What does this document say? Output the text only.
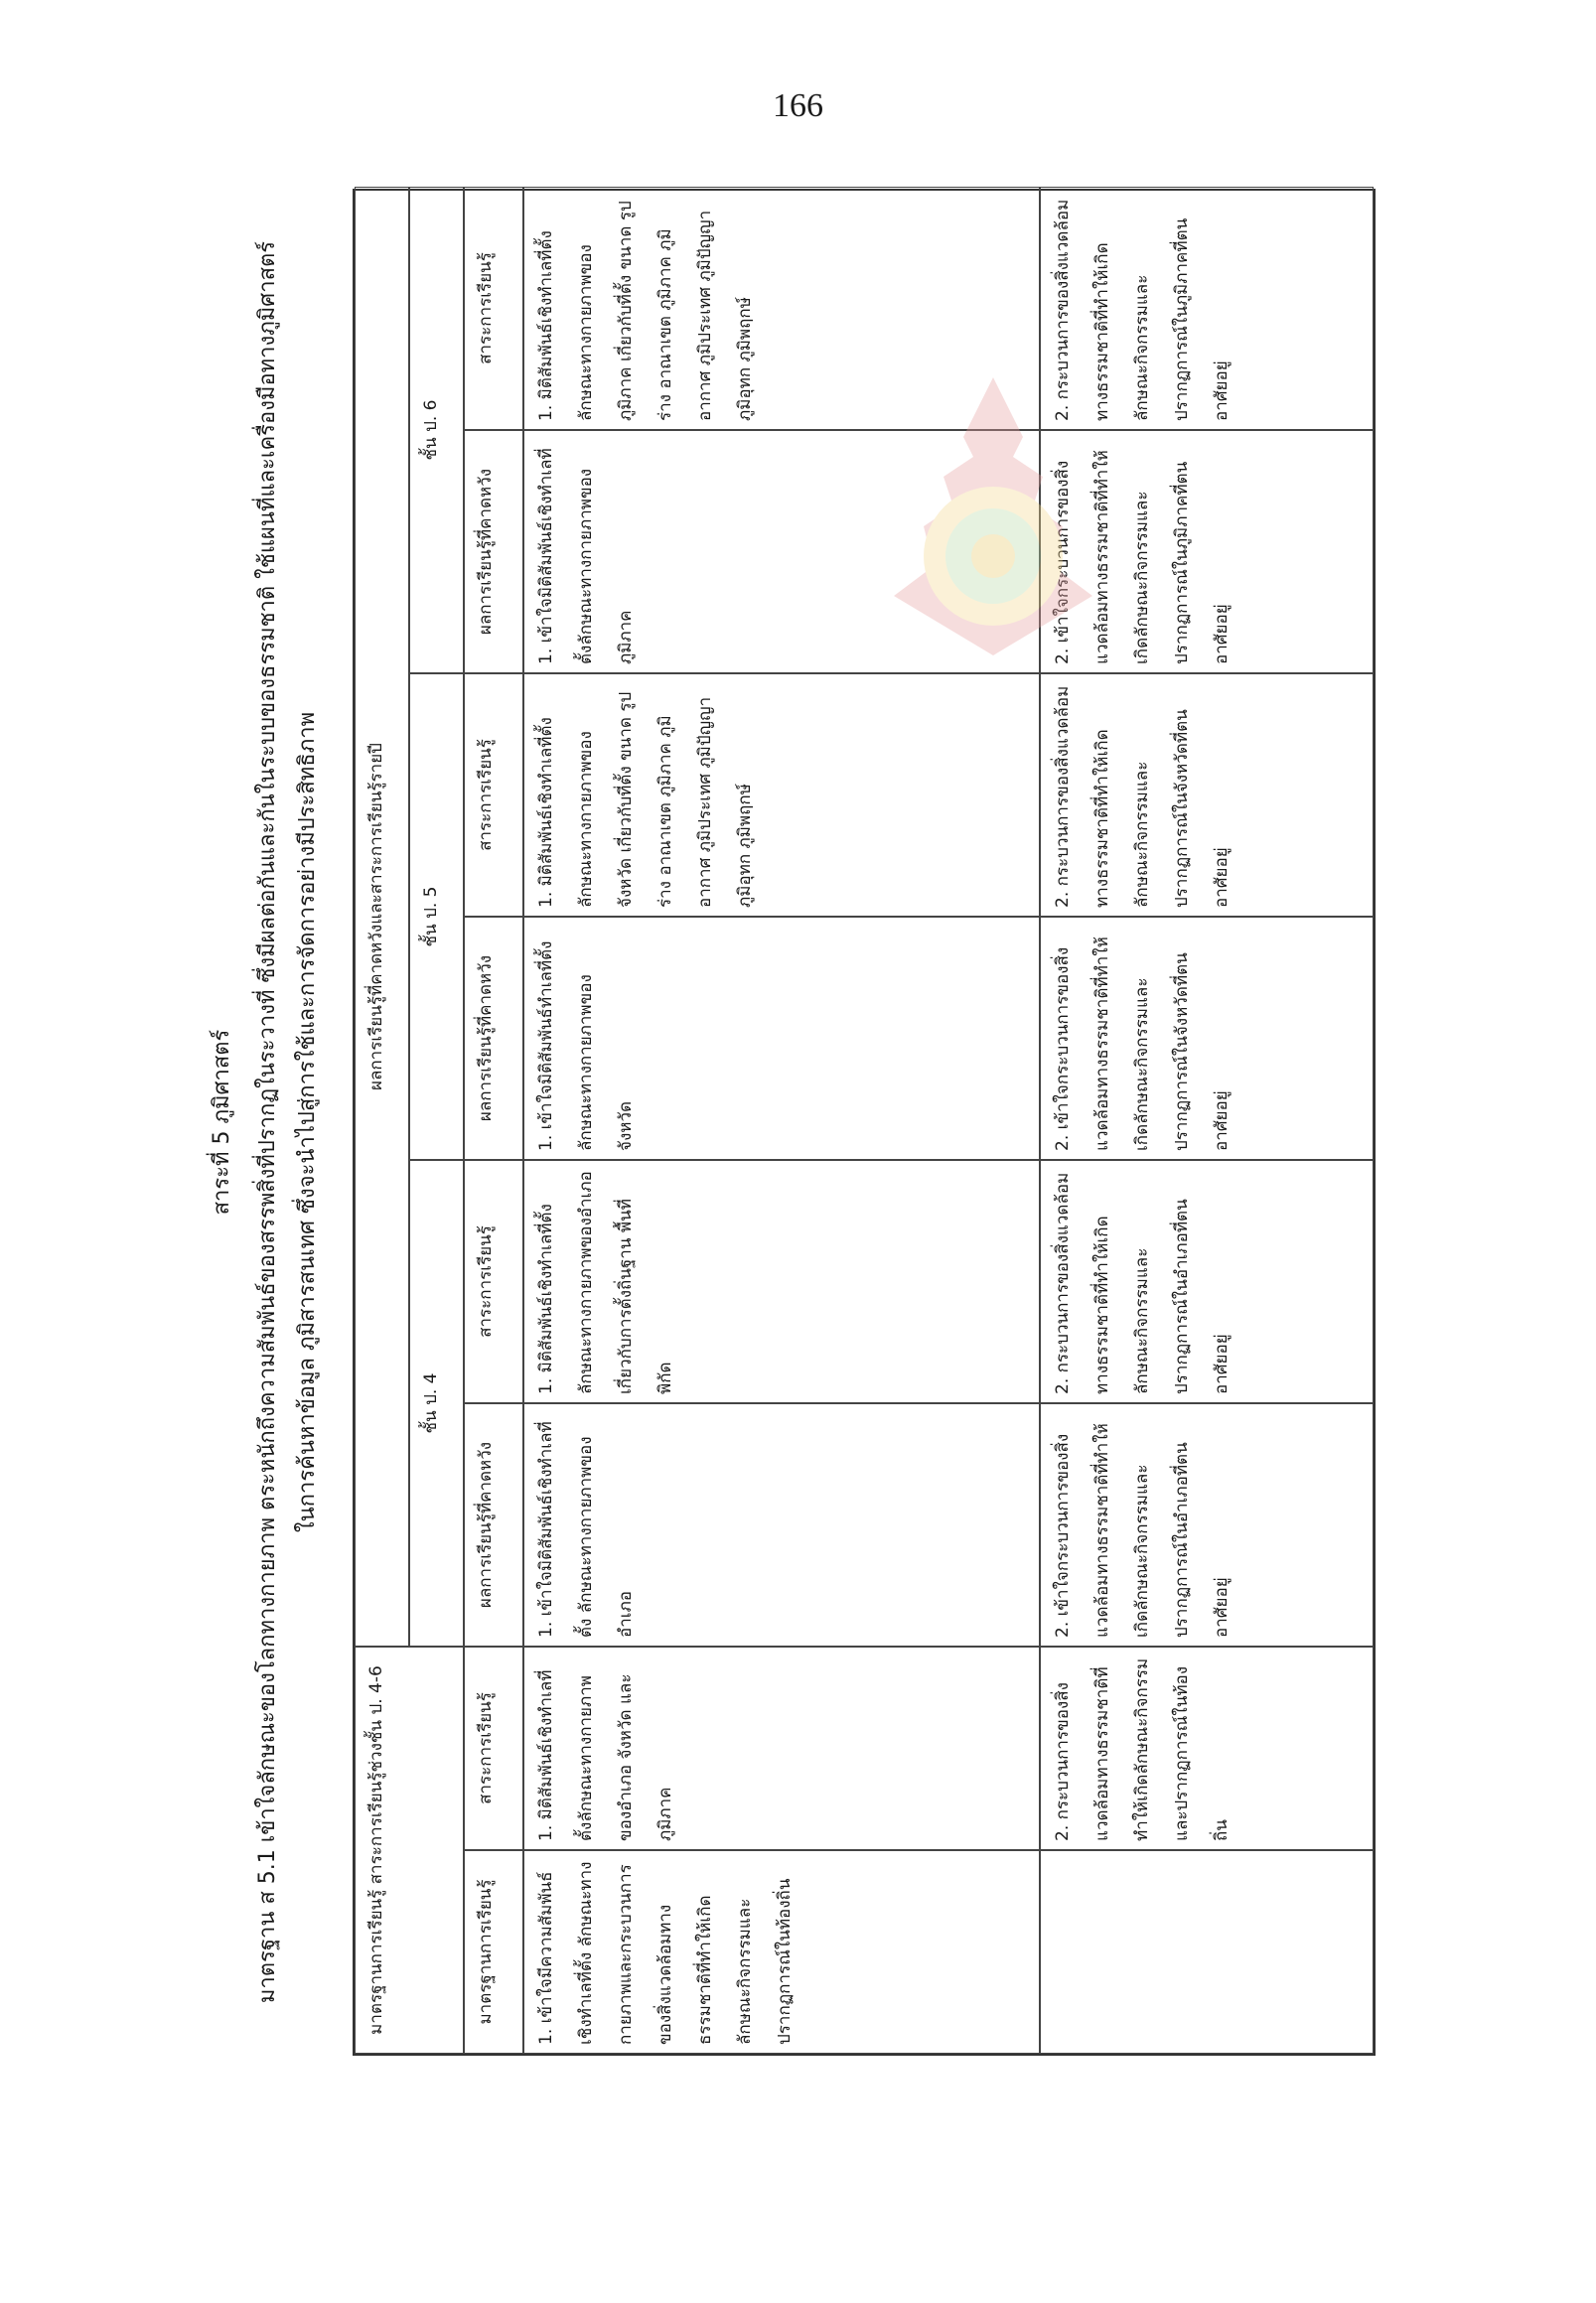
166
สาระที่ 5 ภูมิศาสตร์ มาตรฐาน ส 5.1 เข้าใจลักษณะของโลกทางกายภาพ ตระหนักถึงความสัมพันธ์ของสรรพสิ่งที่ปรากฏในระวางที่ ซึ่งมีผลต่อกันและกันในระบบของธรรมชาติ ใช้แผนที่และเครื่องมือทางภูมิศาสตร์ ในการค้นหาข้อมูล ภูมิสารสนเทศ ซึ่งจะนำไปสู่การใช้และการจัดการอย่างมีประสิทธิภาพ
มาตรฐานการเรียนรู้ สาระการเรียนรู้ช่วงชั้น ป. 4-6
ผลการเรียนรู้ที่คาดหวังและสาระการเรียนรู้รายปี
ชั้น ป. 4
ชั้น ป. 5
ชั้น ป. 6
มาตรฐานการเรียนรู้
สาระการเรียนรู้
ผลการเรียนรู้ที่คาดหวัง
สาระการเรียนรู้
ผลการเรียนรู้ที่คาดหวัง
สาระการเรียนรู้
ผลการเรียนรู้ที่คาดหวัง
สาระการเรียนรู้
1. เข้าใจมีความสัมพันธ์เชิงทำเลที่ตั้ง ลักษณะทางกายภาพและกระบวนการของสิ่งแวดล้อมทางธรรมชาติที่ทำให้เกิดลักษณะกิจกรรมและปรากฏการณ์ในท้องถิ่น
1. มิติสัมพันธ์เชิงทำเลที่ตั้งลักษณะทางกายภาพของอำเภอ จังหวัด และภูมิภาค
1. เข้าใจมิติสัมพันธ์เชิงทำเลที่ตั้ง ลักษณะทางกายภาพของอำเภอ
1. มิติสัมพันธ์เชิงทำเลที่ตั้งลักษณะทางกายภาพของอำเภอ เกี่ยวกับการตั้งถิ่นฐาน พื้นที่ พิกัด
1. เข้าใจมิติสัมพันธ์ทำเลที่ตั้งลักษณะทางกายภาพของจังหวัด
1. มิติสัมพันธ์เชิงทำเลที่ตั้งลักษณะทางกายภาพของจังหวัด เกี่ยวกับที่ตั้ง ขนาด รูปร่าง อาณาเขต ภูมิภาค ภูมิอากาศ ภูมิประเทศ ภูมิปัญญา ภูมิอุทก ภูมิพฤกษ์
1. เข้าใจมิติสัมพันธ์เชิงทำเลที่ตั้งลักษณะทางกายภาพของภูมิภาค
1. มิติสัมพันธ์เชิงทำเลที่ตั้งลักษณะทางกายภาพของภูมิภาค เกี่ยวกับที่ตั้ง ขนาด รูปร่าง อาณาเขต ภูมิภาค ภูมิอากาศ ภูมิประเทศ ภูมิปัญญา ภูมิอุทก ภูมิพฤกษ์
2. กระบวนการของสิ่งแวดล้อมทางธรรมชาติที่ทำให้เกิดลักษณะกิจกรรมและปรากฏการณ์ในท้องถิ่น
2. เข้าใจกระบวนการของสิ่งแวดล้อมทางธรรมชาติที่ทำให้เกิดลักษณะกิจกรรมและปรากฏการณ์ในอำเภอที่ตนอาศัยอยู่
2. กระบวนการของสิ่งแวดล้อมทางธรรมชาติที่ทำให้เกิดลักษณะกิจกรรมและปรากฏการณ์ในอำเภอที่ตนอาศัยอยู่
2. เข้าใจกระบวนการของสิ่งแวดล้อมทางธรรมชาติที่ทำให้เกิดลักษณะกิจกรรมและปรากฏการณ์ในจังหวัดที่ตนอาศัยอยู่
2. กระบวนการของสิ่งแวดล้อมทางธรรมชาติที่ทำให้เกิดลักษณะกิจกรรมและปรากฏการณ์ในจังหวัดที่ตนอาศัยอยู่
2. เข้าใจกระบวนการของสิ่งแวดล้อมทางธรรมชาติที่ทำให้เกิดลักษณะกิจกรรมและปรากฏการณ์ในภูมิภาคที่ตนอาศัยอยู่
2. กระบวนการของสิ่งแวดล้อมทางธรรมชาติที่ทำให้เกิดลักษณะกิจกรรมและปรากฏการณ์ในภูมิภาคที่ตนอาศัยอยู่
